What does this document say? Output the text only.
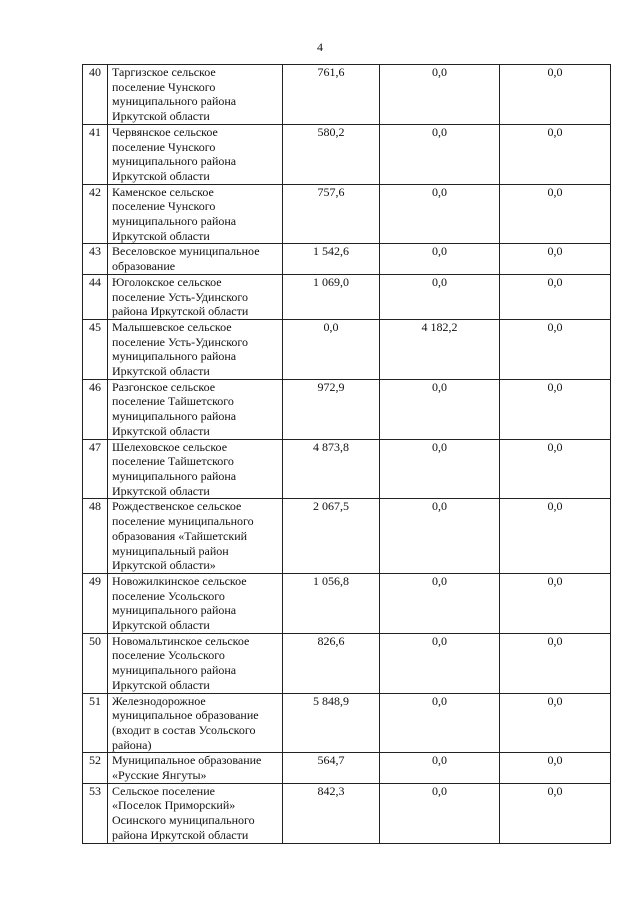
4
40	Таргизское сельское
поселение Чунского
муниципального района
Иркутской области	761,6	0,0	0,0
41	Червянское сельское
поселение Чунского
муниципального района
Иркутской области	580,2	0,0	0,0
42	Каменское сельское
поселение Чунского
муниципального района
Иркутской области	757,6	0,0	0,0
43	Веселовское муниципальное
образование	1 542,6	0,0	0,0
44	Юголокское сельское
поселение Усть-Удинского
района Иркутской области	1 069,0	0,0	0,0
45	Малышевское сельское
поселение Усть-Удинского
муниципального района
Иркутской области	0,0	4 182,2	0,0
46	Разгонское сельское
поселение Тайшетского
муниципального района
Иркутской области	972,9	0,0	0,0
47	Шелеховское сельское
поселение Тайшетского
муниципального района
Иркутской области	4 873,8	0,0	0,0
48	Рождественское сельское
поселение муниципального
образования «Тайшетский
муниципальный район
Иркутской области»	2 067,5	0,0	0,0
49	Новожилкинское сельское
поселение Усольского
муниципального района
Иркутской области	1 056,8	0,0	0,0
50	Новомальтинское сельское
поселение Усольского
муниципального района
Иркутской области	826,6	0,0	0,0
51	Железнодорожное
муниципальное образование
(входит в состав Усольского
района)	5 848,9	0,0	0,0
52	Муниципальное образование
«Русские Янгуты»	564,7	0,0	0,0
53	Сельское поселение
«Поселок Приморский»
Осинского муниципального
района Иркутской области	842,3	0,0	0,0
